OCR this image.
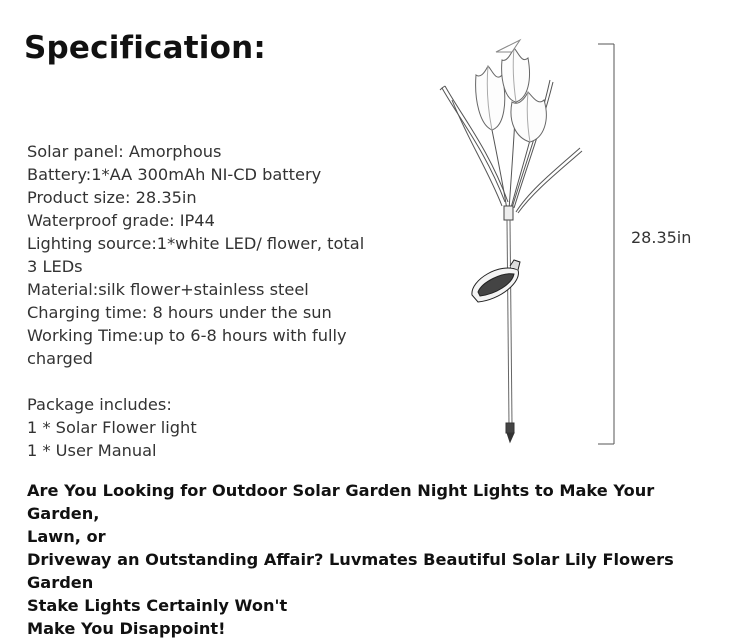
Specification:
Solar panel: Amorphous
Battery:1*AA 300mAh NI-CD battery
Product size: 28.35in
Waterproof grade: IP44
Lighting source:1*white LED/ flower, total
3 LEDs
Material:silk flower+stainless steel
Charging time: 8 hours under the sun
Working Time:up to 6-8 hours with fully
charged
Package includes:
1 * Solar Flower light
1 * User Manual
28.35in
Are You Looking for Outdoor Solar Garden Night Lights to Make Your Garden,
Lawn, or
Driveway an Outstanding Affair? Luvmates Beautiful Solar Lily Flowers Garden
Stake Lights Certainly Won't
Make You Disappoint!
